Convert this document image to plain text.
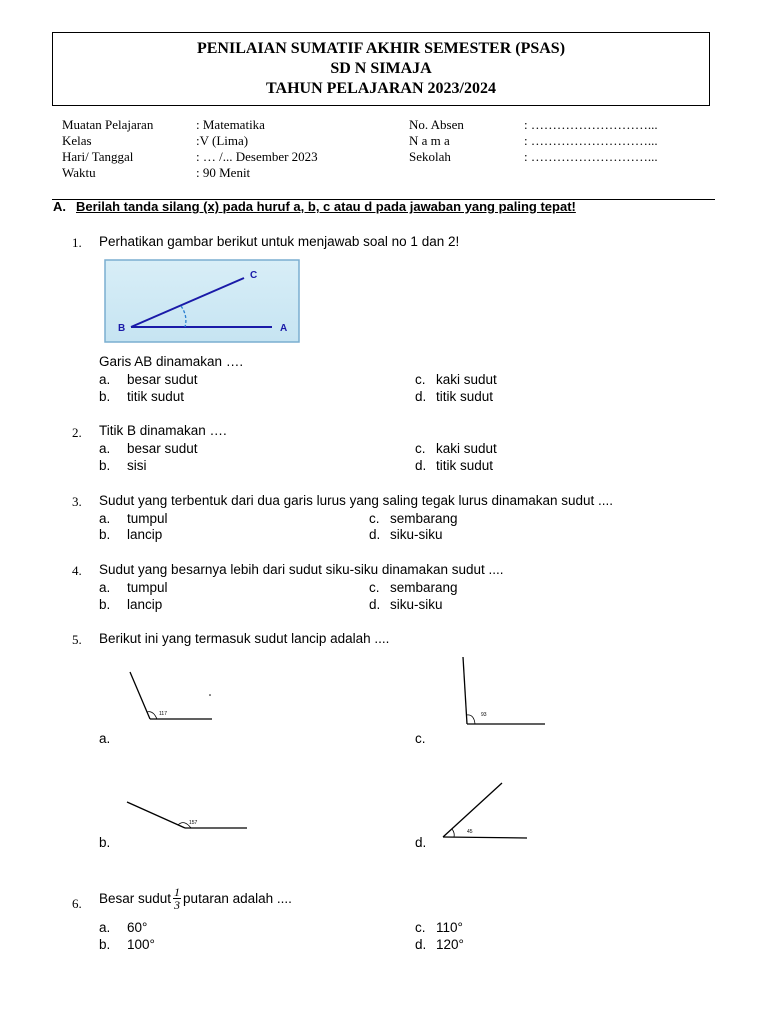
PENILAIAN SUMATIF AKHIR SEMESTER (PSAS)
SD N SIMAJA
TAHUN PELAJARAN 2023/2024
Muatan Pelajaran	: Matematika
Kelas	:V (Lima)
Hari/ Tanggal	: … /... Desember 2023
Waktu	: 90 Menit
No. Absen	: ………………………...
N a m a	: ………………………...
Sekolah	: ………………………...
A. Berilah tanda silang (x) pada huruf a, b, c atau d pada jawaban yang paling tepat!
1. Perhatikan gambar berikut untuk menjawab soal no 1 dan 2!
C
B	A
Garis AB dinamakan ….
a. besar sudut
b. titik sudut
c. kaki sudut
d. titik sudut
2. Titik B dinamakan ….
a. besar sudut
b. sisi
c. kaki sudut
d. titik sudut
3. Sudut yang terbentuk dari dua garis lurus yang saling tegak lurus dinamakan sudut ....
a. tumpul
b. lancip
c. sembarang
d. siku-siku
4. Sudut yang besarnya lebih dari sudut siku-siku dinamakan sudut ....
a. tumpul
b. lancip
c. sembarang
d. siku-siku
5. Berikut ini yang termasuk sudut lancip adalah ....
117
a.
93
c.
157
b.
45
d.
6. Besar sudut $\frac{1}{3}$ putaran adalah ....
a. 60°
b. 100°
c. 110°
d. 120°
